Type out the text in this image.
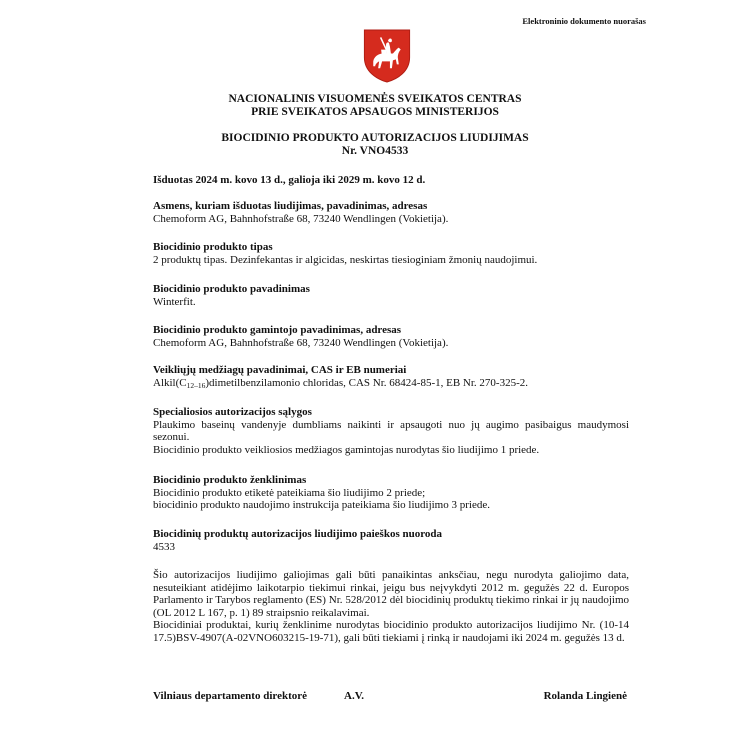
Elektroninio dokumento nuorašas
NACIONALINIS VISUOMENĖS SVEIKATOS CENTRAS
PRIE SVEIKATOS APSAUGOS MINISTERIJOS
BIOCIDINIO PRODUKTO AUTORIZACIJOS LIUDIJIMAS
Nr. VNO4533
Išduotas 2024 m. kovo 13 d., galioja iki 2029 m. kovo 12 d.

Asmens, kuriam išduotas liudijimas, pavadinimas, adresas

Chemoform AG, Bahnhofstraße 68, 73240 Wendlingen (Vokietija).

Biocidinio produkto tipas

2 produktų tipas. Dezinfekantas ir algicidas, neskirtas tiesioginiam žmonių naudojimui.

Biocidinio produkto pavadinimas

Winterfit.

Biocidinio produkto gamintojo pavadinimas, adresas

Chemoform AG, Bahnhofstraße 68, 73240 Wendlingen (Vokietija).

Veikliųjų medžiagų pavadinimai, CAS ir EB numeriai

$Alkil(C_{12-16})dimetilbenzilamonio$ chloridas, CAS Nr. 68424-85-1, EB Nr. 270-325-2.

Specialiosios autorizacijos sąlygos

Plaukimo baseinų vandenyje dumbliams naikinti ir apsaugoti nuo jų augimo pasibaigus maudymosi sezonui.

Biocidinio produkto veikliosios medžiagos gamintojas nurodytas šio liudijimo 1 priede.

Biocidinio produkto ženklinimas

Biocidinio produkto etiketė pateikiama šio liudijimo 2 priede;

biocidinio produkto naudojimo instrukcija pateikiama šio liudijimo 3 priede.

Biocidinių produktų autorizacijos liudijimo paieškos nuoroda

4533

Šio autorizacijos liudijimo galiojimas gali būti panaikintas anksčiau, negu nurodyta galiojimo data, nesuteikiant atidėjimo laikotarpio tiekimui rinkai, jeigu bus neįvykdyti 2012 m. gegužės 22 d. Europos Parlamento ir Tarybos reglamento (ES) Nr. 528/2012 dėl biocidinių produktų tiekimo rinkai ir jų naudojimo (OL 2012 L 167, p. 1) 89 straipsnio reikalavimai.

Biocidiniai produktai, kurių ženklinime nurodytas biocidinio produkto autorizacijos liudijimo Nr. (10-14 17.5)BSV-4907(A-02VNO603215-19-71), gali būti tiekiami į rinką ir naudojami iki 2024 m. gegužės 13 d.

Vilniaus departamento direktorė	A.V.	Rolanda Lingienė
